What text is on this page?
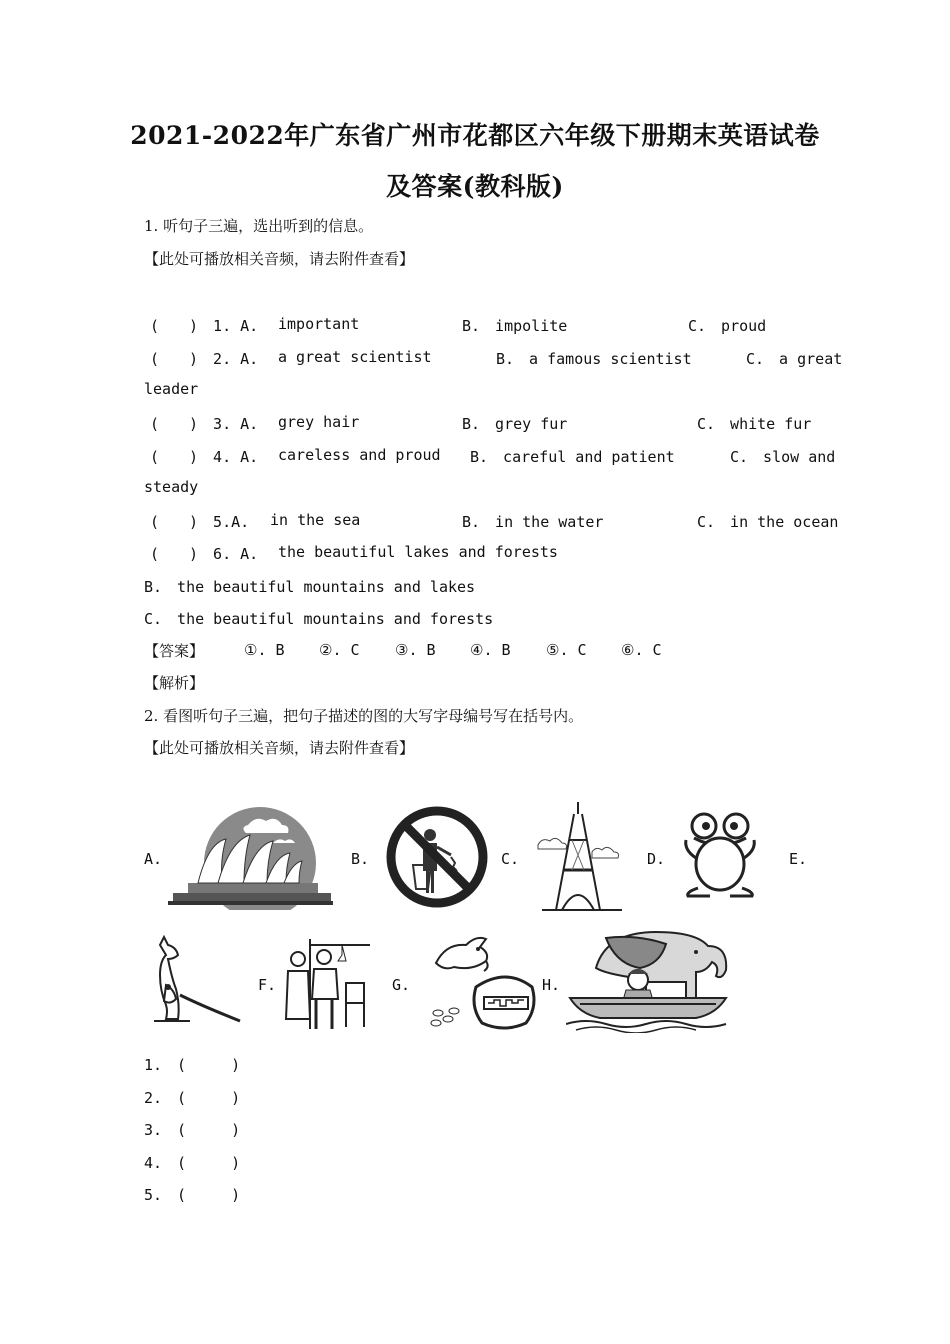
2021-2022年广东省广州市花都区六年级下册期末英语试卷
及答案(教科版)
1. 听句子三遍，选出听到的信息。
【此处可播放相关音频，请去附件查看】
(　　)　1. A. important	B.　impolite	C.　proud
(　　)　2. A. a great scientist	B.　a famous scientist	C.　a great
leader
(　　)　3. A. grey hair	B.　grey fur	C.　white fur
(　　)　4. A. careless and proud B.　careful and patient	C.　slow and
steady
(　　)　5.A. in the sea	B.　in the water	C.　in the ocean
(　　)　6. A. the beautiful lakes and forests
B.　the beautiful mountains and lakes
C.　the beautiful mountains and forests
【答案】	①. B ②. C ③. B ④. B ⑤. C ⑥. C
【解析】
2. 看图听句子三遍，把句子描述的图的大写字母编号写在括号内。
【此处可播放相关音频，请去附件查看】
A.	B.	C.	D.	E.
F.	G.	H.
1.　(　　　)
2.　(　　　)
3.　(　　　)
4.　(　　　)
5.　(　　　)
